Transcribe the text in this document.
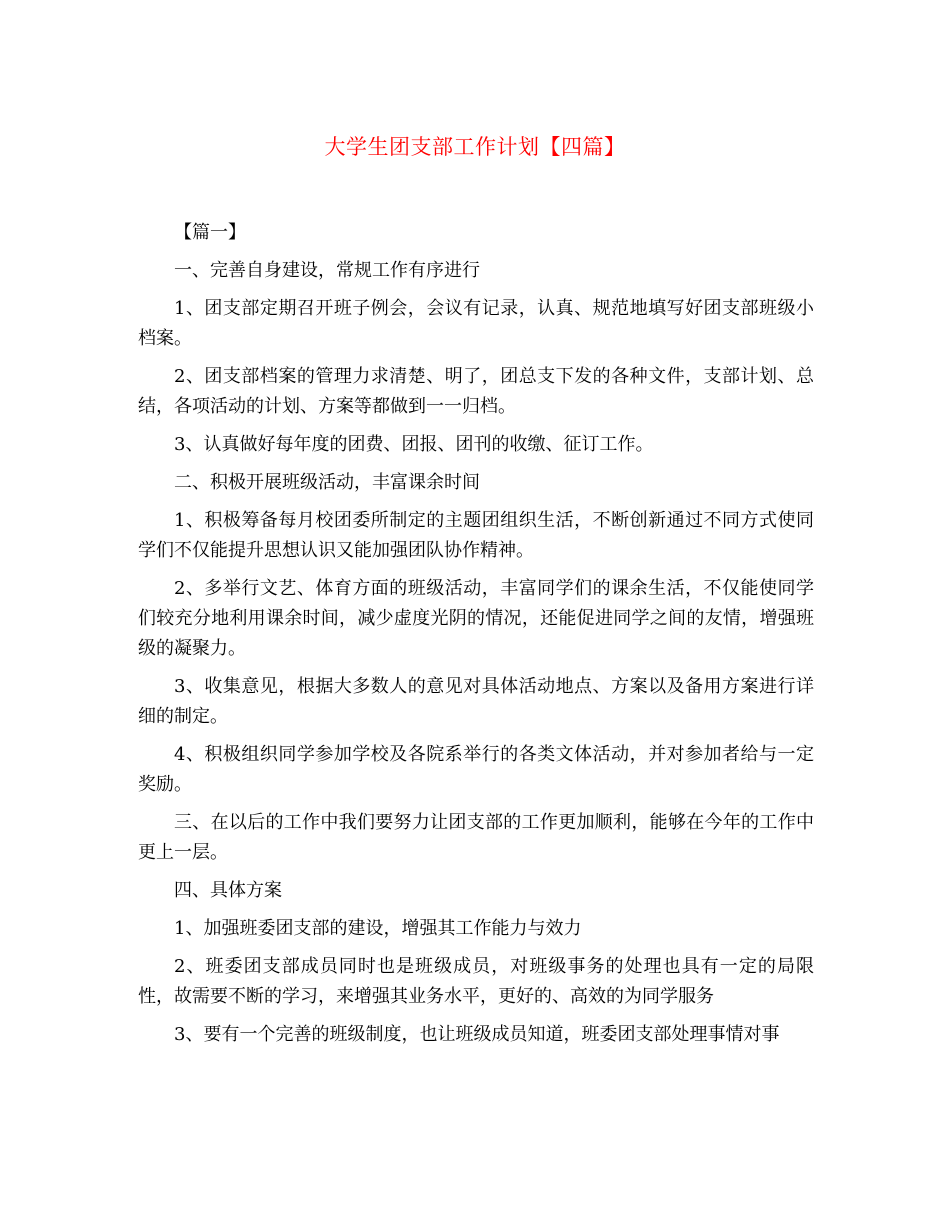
大学生团支部工作计划【四篇】

【篇一】

一、完善自身建设，常规工作有序进行

1、团支部定期召开班子例会，会议有记录，认真、规范地填写好团支部班级小档案。

2、团支部档案的管理力求清楚、明了，团总支下发的各种文件，支部计划、总结，各项活动的计划、方案等都做到一一归档。

3、认真做好每年度的团费、团报、团刊的收缴、征订工作。

二、积极开展班级活动，丰富课余时间

1、积极筹备每月校团委所制定的主题团组织生活，不断创新通过不同方式使同学们不仅能提升思想认识又能加强团队协作精神。

2、多举行文艺、体育方面的班级活动，丰富同学们的课余生活，不仅能使同学们较充分地利用课余时间，减少虚度光阴的情况，还能促进同学之间的友情，增强班级的凝聚力。

3、收集意见，根据大多数人的意见对具体活动地点、方案以及备用方案进行详细的制定。

4、积极组织同学参加学校及各院系举行的各类文体活动，并对参加者给与一定奖励。

三、在以后的工作中我们要努力让团支部的工作更加顺利，能够在今年的工作中更上一层。

四、具体方案

1、加强班委团支部的建设，增强其工作能力与效力

2、班委团支部成员同时也是班级成员，对班级事务的处理也具有一定的局限性，故需要不断的学习，来增强其业务水平，更好的、高效的为同学服务

3、要有一个完善的班级制度，也让班级成员知道，班委团支部处理事情对事
